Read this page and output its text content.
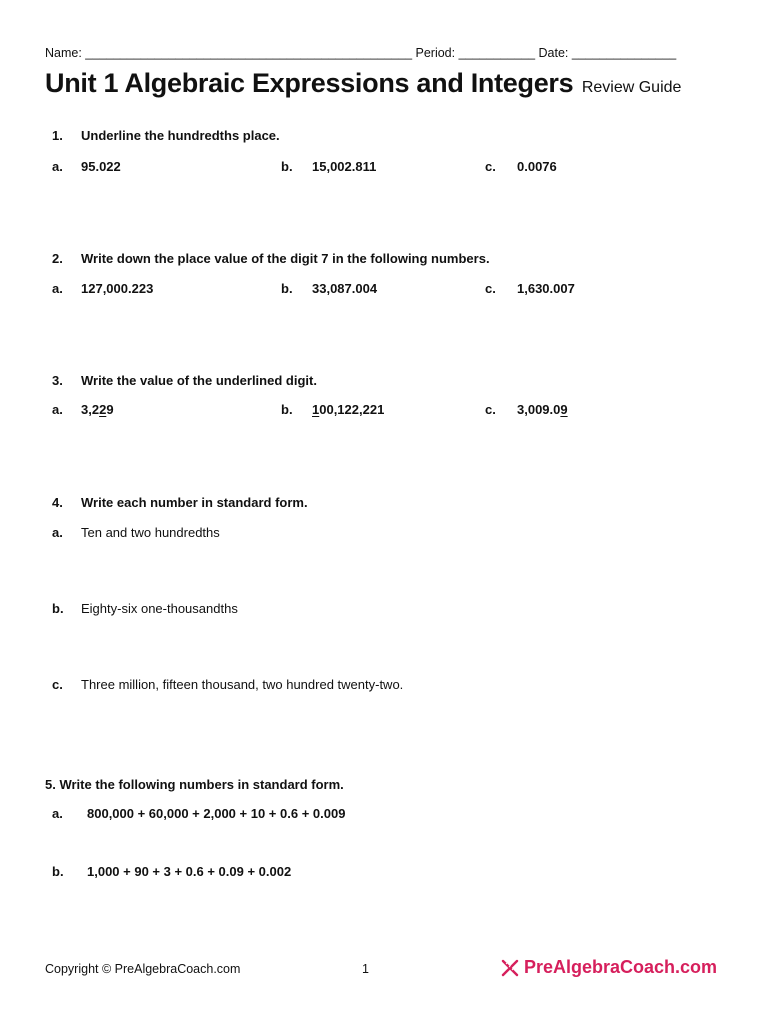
Name: _______________________________________________ Period: ___________ Date: _______________
Unit 1 Algebraic Expressions and Integers Review Guide
1. Underline the hundredths place.
a. 95.022	b. 15,002.811	c. 0.0076
2. Write down the place value of the digit 7 in the following numbers.
a. 127,000.223	b. 33,087.004	c. 1,630.007
3. Write the value of the underlined digit.
a. 3,229	b. 100,122,221	c. 3,009.09
4. Write each number in standard form.
a. Ten and two hundredths
b. Eighty-six one-thousandths
c. Three million, fifteen thousand, two hundred twenty-two.
5. Write the following numbers in standard form.
a. 800,000 + 60,000 + 2,000 + 10 + 0.6 + 0.009
b. 1,000 + 90 + 3 + 0.6 + 0.09 + 0.002
Copyright © PreAlgebraCoach.com	1	PreAlgebraCoach.com
